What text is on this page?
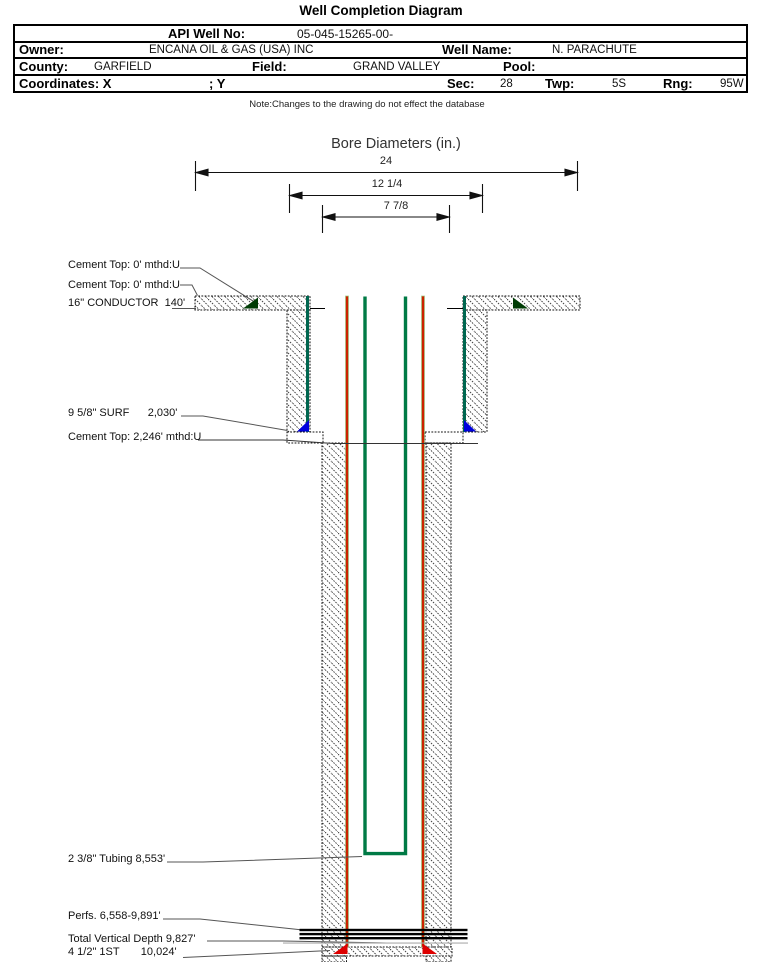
Well Completion Diagram
API Well No:	05-045-15265-00-
Owner:	ENCANA OIL & GAS (USA) INC	Well Name:	N. PARACHUTE
County: GARFIELD	Field:	GRAND VALLEY	Pool:
Coordinates: X	; Y	Sec: 28 Twp:	5S	Rng: 95W
Note:Changes to the drawing do not effect the database
Bore Diameters (in.)
24
12 1/4
7 7/8
Cement Top: 0' mthd:U
Cement Top: 0' mthd:U
16" CONDUCTOR  140'
9 5/8" SURF      2,030'
Cement Top: 2,246' mthd:U
2 3/8" Tubing 8,553'
Perfs. 6,558-9,891'
Total Vertical Depth 9,827'
4 1/2" 1ST       10,024'
